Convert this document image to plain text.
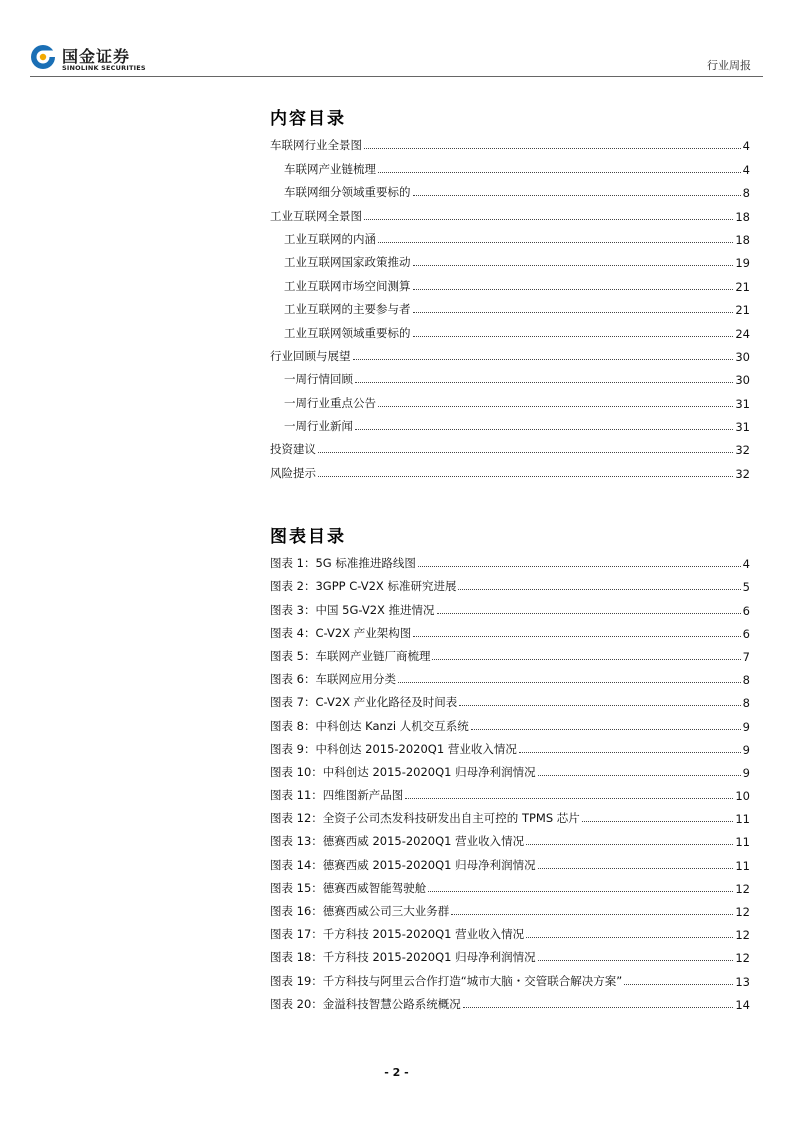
国金证券
SINOLINK SECURITIES	行业周报
内容目录
车联网行业全景图	4
车联网产业链梳理	4
车联网细分领域重要标的	8
工业互联网全景图	18
工业互联网的内涵	18
工业互联网国家政策推动	19
工业互联网市场空间测算	21
工业互联网的主要参与者	21
工业互联网领域重要标的	24
行业回顾与展望	30
一周行情回顾	30
一周行业重点公告	31
一周行业新闻	31
投资建议	32
风险提示	32
图表目录
图表 1：5G 标准推进路线图	4
图表 2：3GPP C-V2X 标准研究进展	5
图表 3：中国 5G-V2X 推进情况	6
图表 4：C-V2X 产业架构图	6
图表 5：车联网产业链厂商梳理	7
图表 6：车联网应用分类	8
图表 7：C-V2X 产业化路径及时间表	8
图表 8：中科创达 Kanzi 人机交互系统	9
图表 9：中科创达 2015-2020Q1 营业收入情况	9
图表 10：中科创达 2015-2020Q1 归母净利润情况	9
图表 11：四维图新产品图	10
图表 12：全资子公司杰发科技研发出自主可控的 TPMS 芯片	11
图表 13：德赛西威 2015-2020Q1 营业收入情况	11
图表 14：德赛西威 2015-2020Q1 归母净利润情况	11
图表 15：德赛西威智能驾驶舱	12
图表 16：德赛西威公司三大业务群	12
图表 17：千方科技 2015-2020Q1 营业收入情况	12
图表 18：千方科技 2015-2020Q1 归母净利润情况	12
图表 19：千方科技与阿里云合作打造“城市大脑・交管联合解决方案”	13
图表 20：金溢科技智慧公路系统概况	14
- 2 -
